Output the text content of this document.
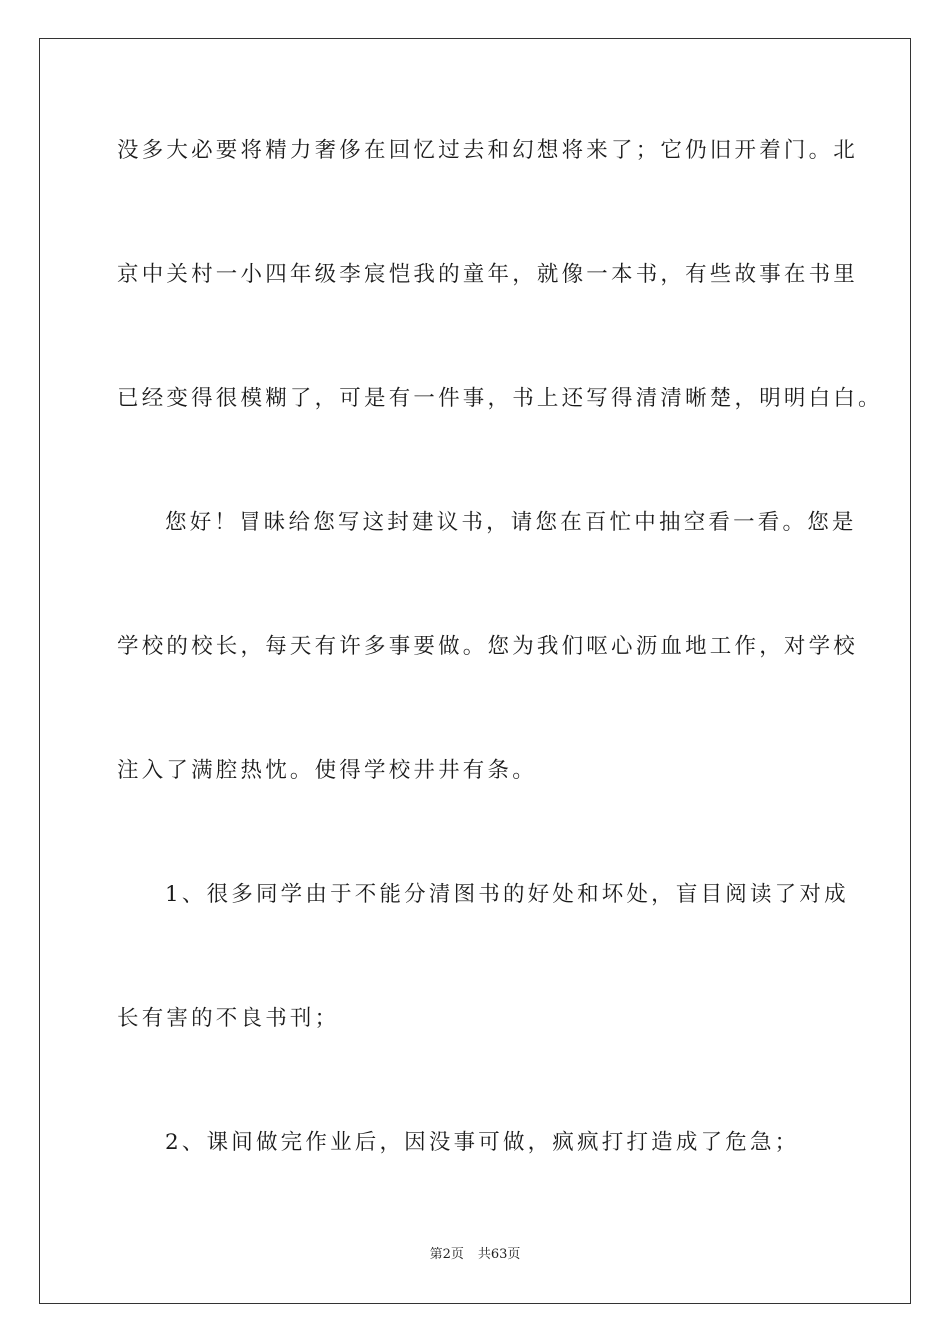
没多大必要将精力奢侈在回忆过去和幻想将来了；它仍旧开着门。北
京中关村一小四年级李宸恺我的童年，就像一本书，有些故事在书里
已经变得很模糊了，可是有一件事，书上还写得清清晰楚，明明白白。
您好！冒昧给您写这封建议书，请您在百忙中抽空看一看。您是
学校的校长，每天有许多事要做。您为我们呕心沥血地工作，对学校
注入了满腔热忱。使得学校井井有条。
1、很多同学由于不能分清图书的好处和坏处，盲目阅读了对成
长有害的不良书刊；
2、课间做完作业后，因没事可做，疯疯打打造成了危急；
第2页 共63页
